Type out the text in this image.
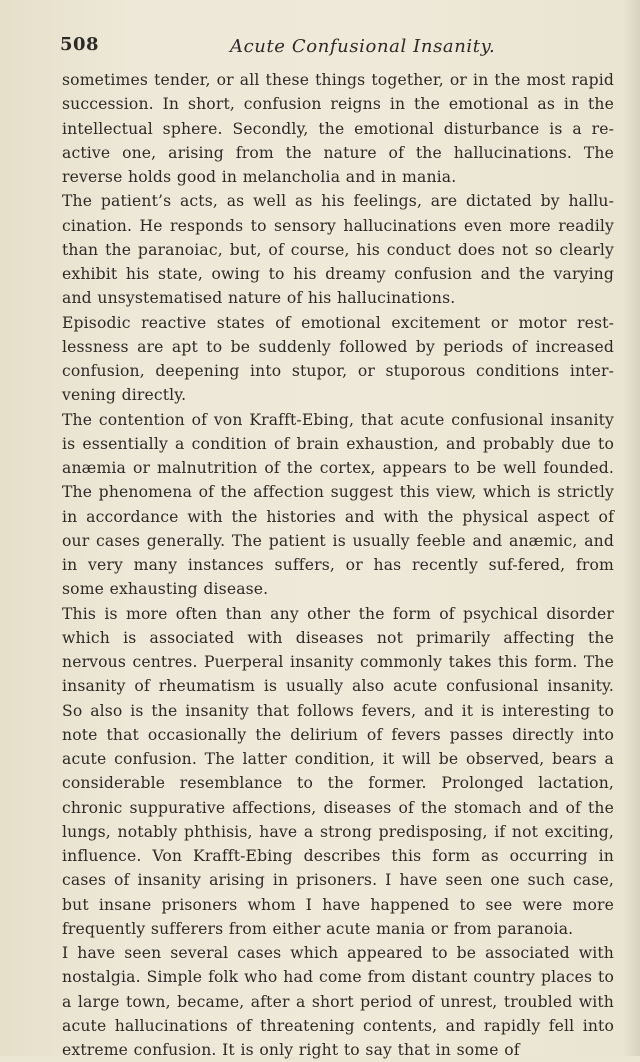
508	Acute Confusional Insanity.

sometimes tender, or all these things together, or in the most rapid succession. In short, confusion reigns in the emotional as in the intellectual sphere. Secondly, the emotional disturbance is a re-active one, arising from the nature of the hallucinations. The reverse holds good in melancholia and in mania.

The patient’s acts, as well as his feelings, are dictated by hallu-cination. He responds to sensory hallucinations even more readily than the paranoiac, but, of course, his conduct does not so clearly exhibit his state, owing to his dreamy confusion and the varying and unsystematised nature of his hallucinations.

Episodic reactive states of emotional excitement or motor rest-lessness are apt to be suddenly followed by periods of increased confusion, deepening into stupor, or stuporous conditions inter-vening directly.

The contention of von Krafft-Ebing, that acute confusional insanity is essentially a condition of brain exhaustion, and probably due to anæmia or malnutrition of the cortex, appears to be well founded. The phenomena of the affection suggest this view, which is strictly in accordance with the histories and with the physical aspect of our cases generally. The patient is usually feeble and anæmic, and in very many instances suffers, or has recently suf-fered, from some exhausting disease.

This is more often than any other the form of psychical disorder which is associated with diseases not primarily affecting the nervous centres. Puerperal insanity commonly takes this form. The insanity of rheumatism is usually also acute confusional insanity. So also is the insanity that follows fevers, and it is interesting to note that occasionally the delirium of fevers passes directly into acute confusion. The latter condition, it will be observed, bears a considerable resemblance to the former. Prolonged lactation, chronic suppurative affections, diseases of the stomach and of the lungs, notably phthisis, have a strong predisposing, if not exciting, influence. Von Krafft-Ebing describes this form as occurring in cases of insanity arising in prisoners. I have seen one such case, but insane prisoners whom I have happened to see were more frequently sufferers from either acute mania or from paranoia.

I have seen several cases which appeared to be associated with nostalgia. Simple folk who had come from distant country places to a large town, became, after a short period of unrest, troubled with acute hallucinations of threatening contents, and rapidly fell into extreme confusion. It is only right to say that in some of
